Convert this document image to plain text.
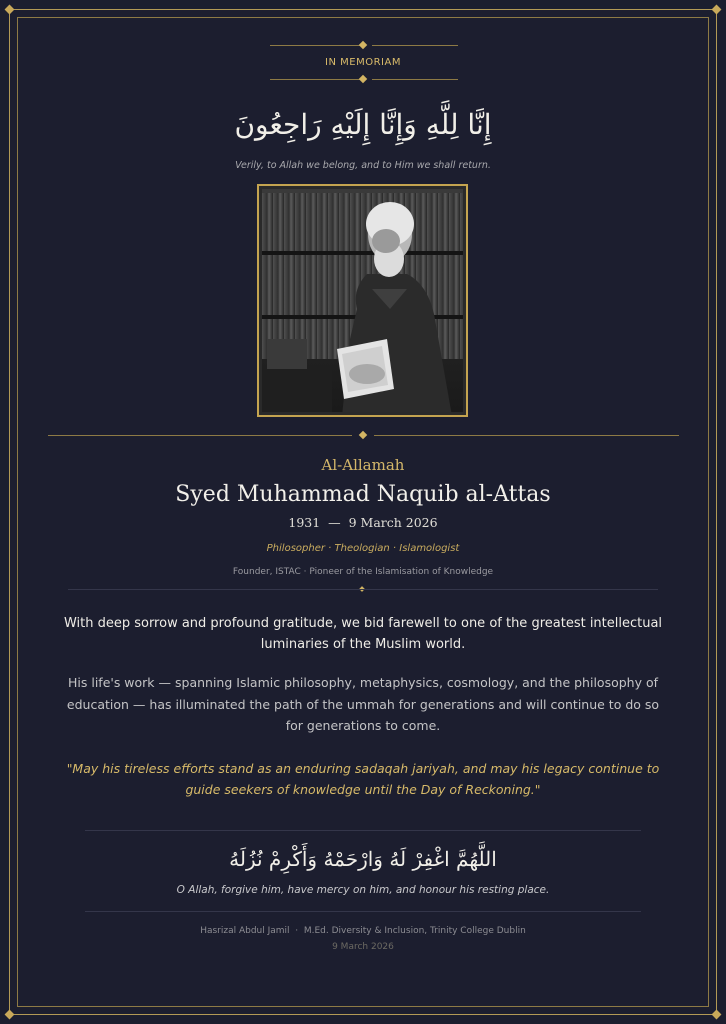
IN MEMORIAM
إِنَّا لِلَّهِ وَإِنَّا إِلَيْهِ رَاجِعُونَ
Verily, to Allah we belong, and to Him we shall return.
Al-Allamah
Syed Muhammad Naquib al-Attas
1931  —  9 March 2026
Philosopher · Theologian · Islamologist
Founder, ISTAC · Pioneer of the Islamisation of Knowledge
With deep sorrow and profound gratitude, we bid farewell to one of the greatest intellectual luminaries of the Muslim world.
His life's work — spanning Islamic philosophy, metaphysics, cosmology, and the philosophy of education — has illuminated the path of the ummah for generations and will continue to do so for generations to come.
"May his tireless efforts stand as an enduring sadaqah jariyah, and may his legacy continue to guide seekers of knowledge until the Day of Reckoning."
اللَّهُمَّ اغْفِرْ لَهُ وَارْحَمْهُ وَأَكْرِمْ نُزُلَهُ
O Allah, forgive him, have mercy on him, and honour his resting place.
Hasrizal Abdul Jamil  ·  M.Ed. Diversity & Inclusion, Trinity College Dublin
9 March 2026
